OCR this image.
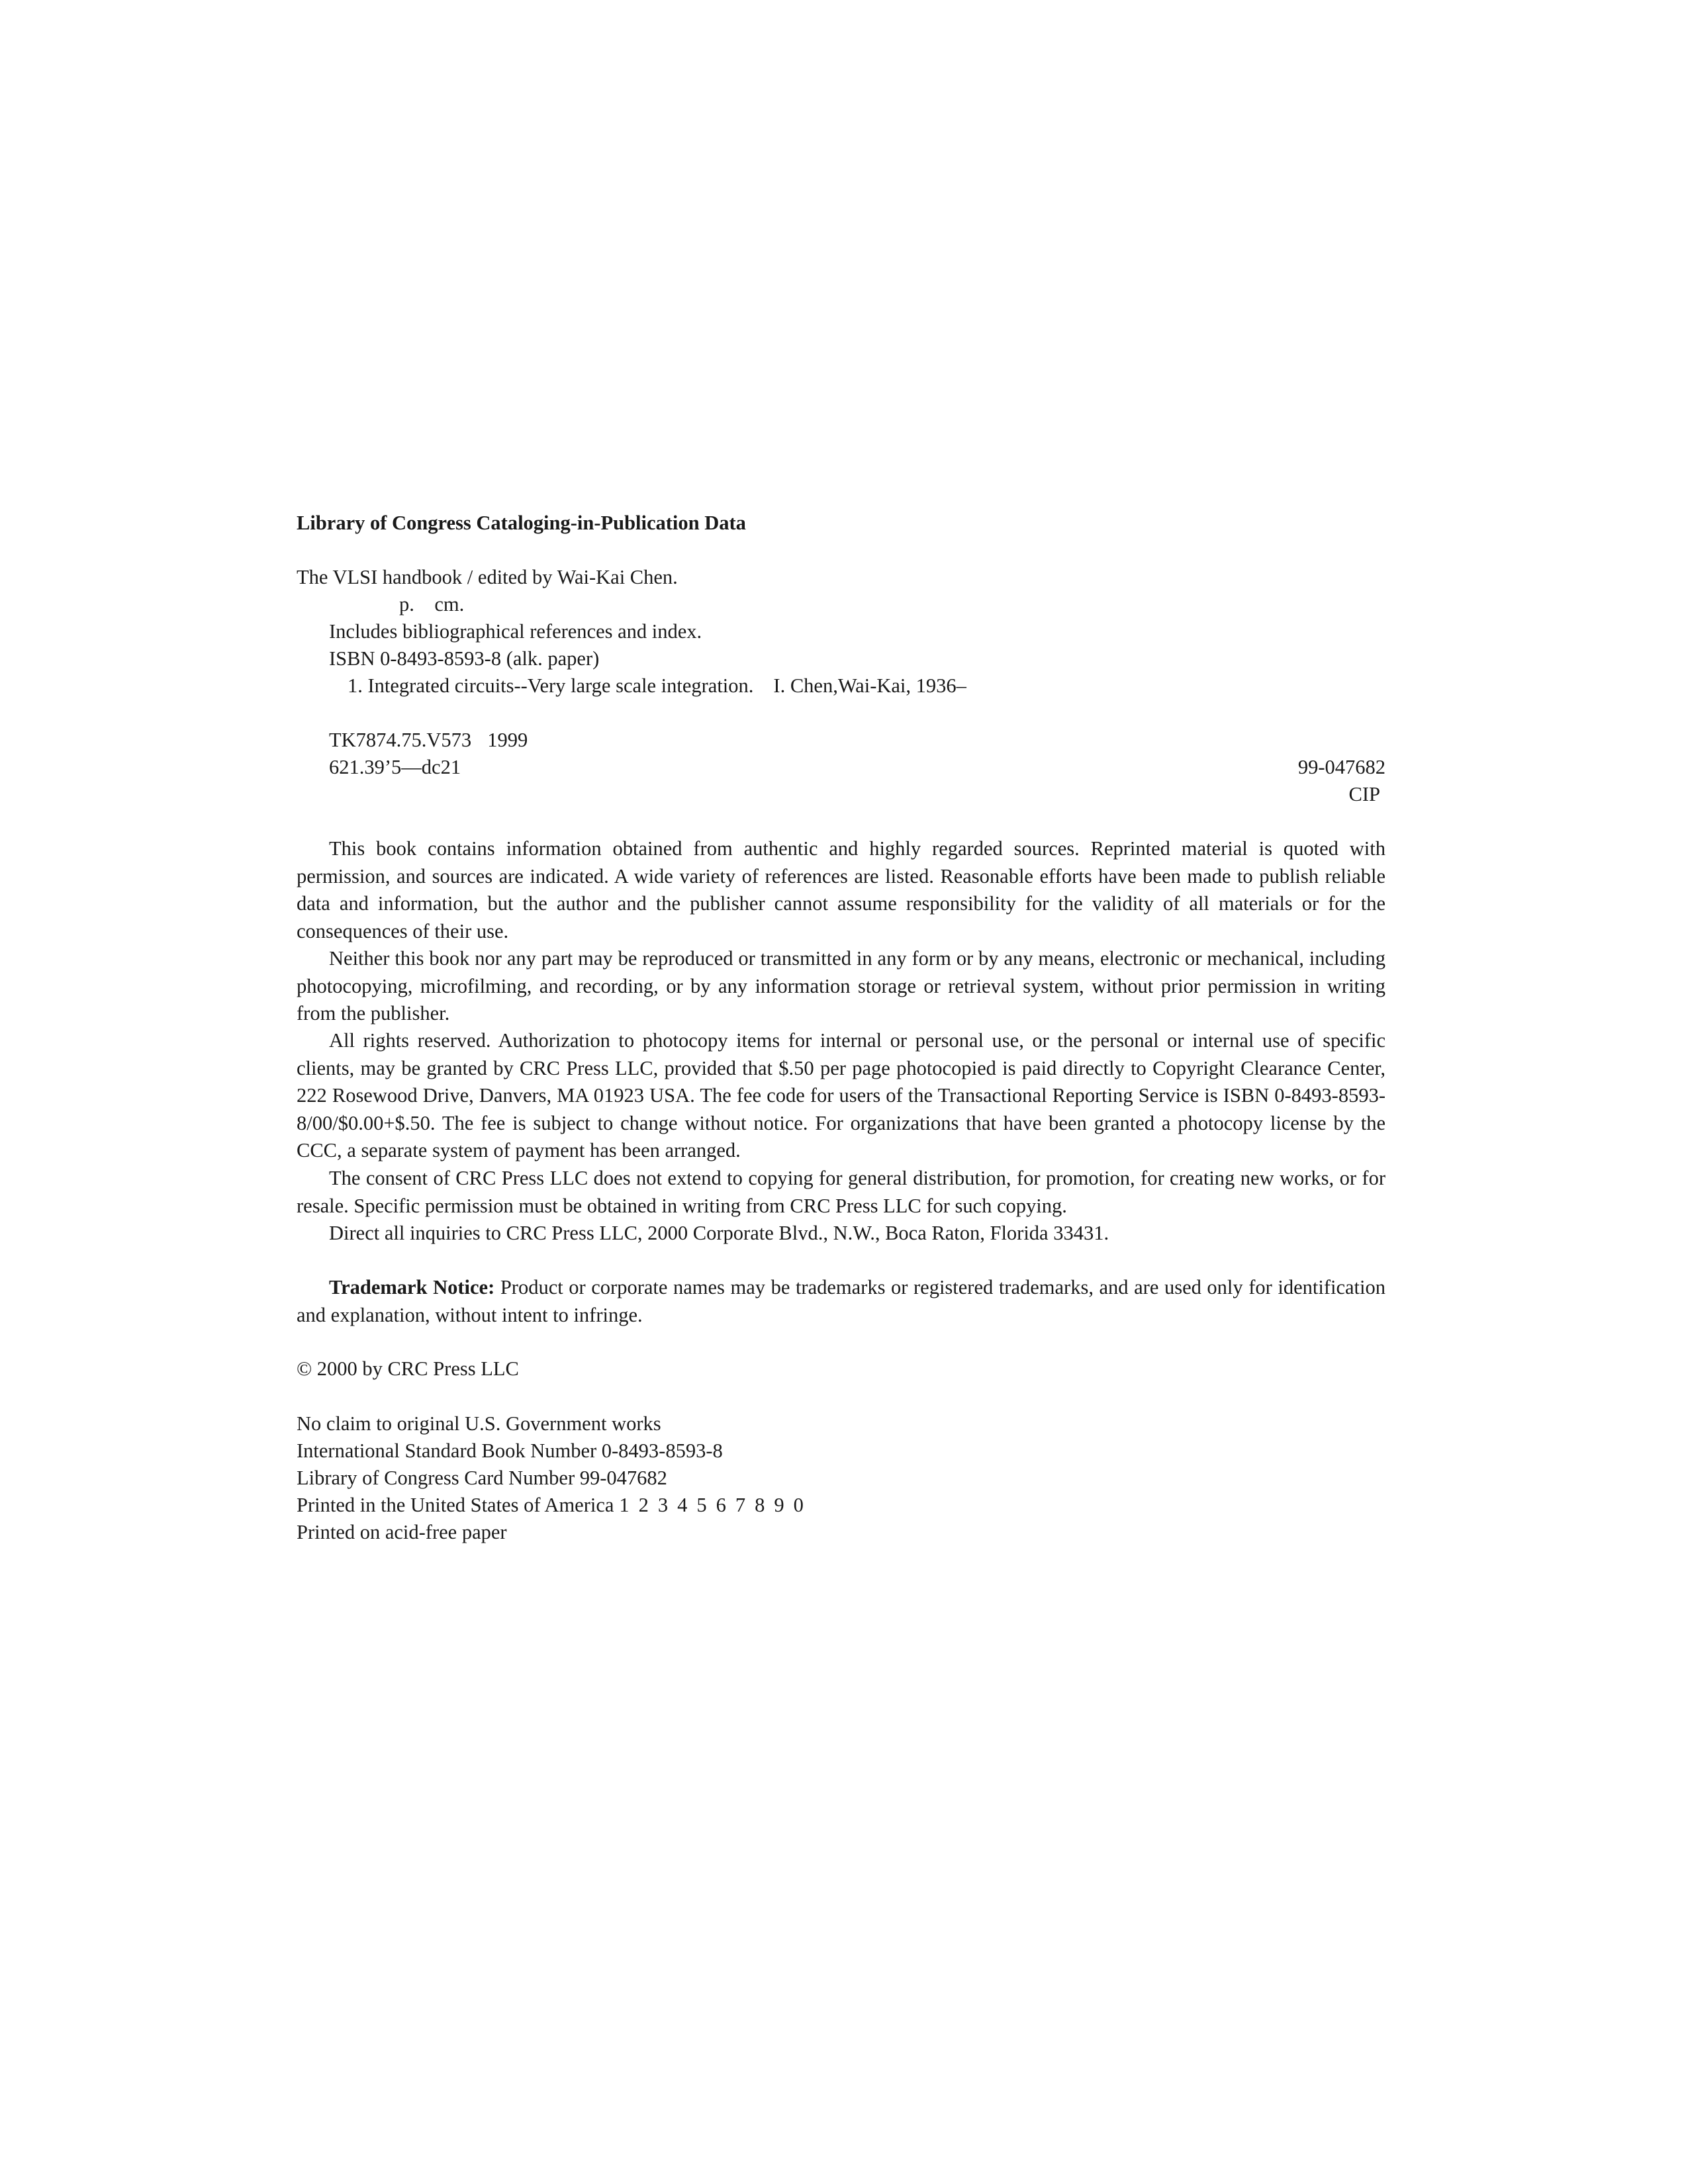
Library of Congress Cataloging-in-Publication Data
The VLSI handbook / edited by Wai-Kai Chen.
p.    cm.
Includes bibliographical references and index.
ISBN 0-8493-8593-8 (alk. paper)
1. Integrated circuits--Very large scale integration. I. Chen,Wai-Kai, 1936–
TK7874.75.V573 1999
621.39’5—dc21	99-047682
CIP

This book contains information obtained from authentic and highly regarded sources. Reprinted material is quoted with permission, and sources are indicated. A wide variety of references are listed. Reasonable efforts have been made to publish reliable data and information, but the author and the publisher cannot assume responsibility for the validity of all materials or for the consequences of their use.

Neither this book nor any part may be reproduced or transmitted in any form or by any means, electronic or mechanical, including photocopying, microfilming, and recording, or by any information storage or retrieval system, without prior permission in writing from the publisher.

All rights reserved. Authorization to photocopy items for internal or personal use, or the personal or internal use of specific clients, may be granted by CRC Press LLC, provided that $.50 per page photocopied is paid directly to Copyright Clearance Center, 222 Rosewood Drive, Danvers, MA 01923 USA. The fee code for users of the Transactional Reporting Service is ISBN 0-8493-8593-8/00/$0.00+$.50. The fee is subject to change without notice. For organizations that have been granted a photocopy license by the CCC, a separate system of payment has been arranged.

The consent of CRC Press LLC does not extend to copying for general distribution, for promotion, for creating new works, or for resale. Specific permission must be obtained in writing from CRC Press LLC for such copying.

Direct all inquiries to CRC Press LLC, 2000 Corporate Blvd., N.W., Boca Raton, Florida 33431.

Trademark Notice: Product or corporate names may be trademarks or registered trademarks, and are used only for identification and explanation, without intent to infringe.

© 2000 by CRC Press LLC
No claim to original U.S. Government works
International Standard Book Number 0-8493-8593-8
Library of Congress Card Number 99-047682
Printed in the United States of America 1 2 3 4 5 6 7 8 9 0
Printed on acid-free paper
